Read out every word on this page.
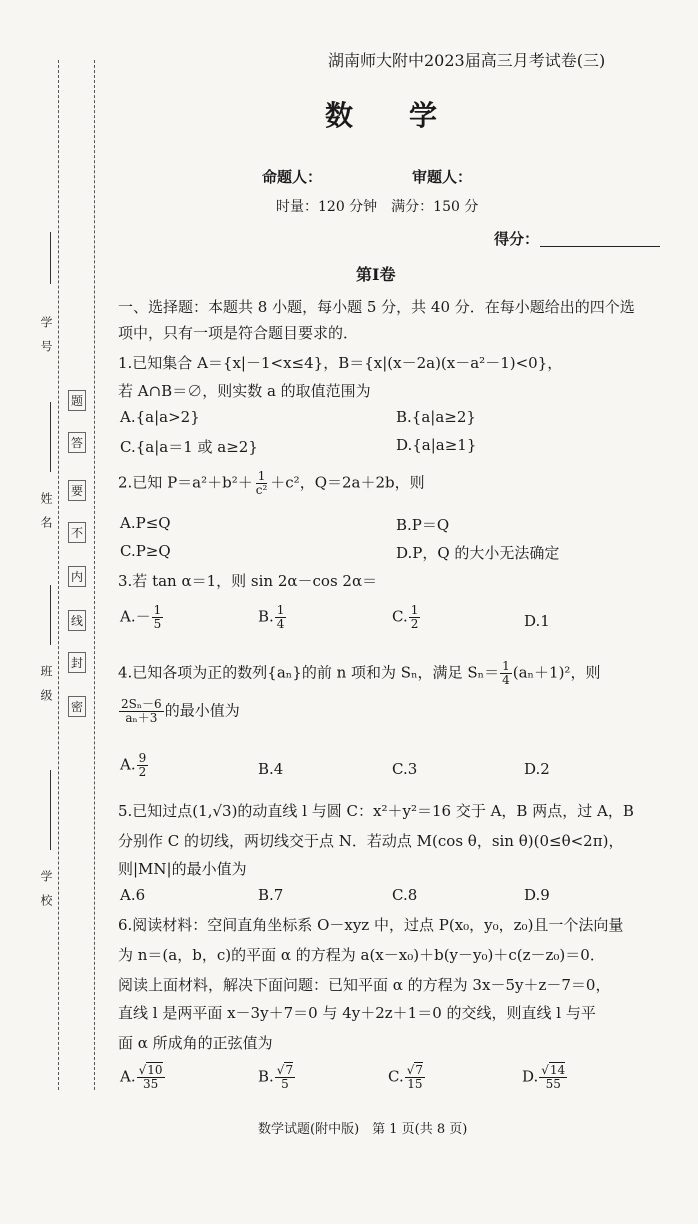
学　号
姓　名
班　级
学　校
题
答
要
不
内
线
封
密
湖南师大附中2023届高三月考试卷(三)
数　　学
命题人：	审题人：
时量：120 分钟　满分：150 分
得分：
第Ⅰ卷
一、选择题：本题共 8 小题，每小题 5 分，共 40 分．在每小题给出的四个选
项中，只有一项是符合题目要求的．
1.已知集合 A＝{x|－1<x≤4}，B＝{x|(x－2a)(x－a²－1)<0}，
若 A∩B＝∅，则实数 a 的取值范围为
A.{a|a>2}	B.{a|a≥2}
C.{a|a＝1 或 a≥2}	D.{a|a≥1}
2.已知 $P=a^2+b^2+ \frac{1}{\text{c²}} +c^2$，Q＝2a＋2b，则
A.P≤Q	B.P＝Q
C.P≥Q	D.P，Q 的大小无法确定
3.若 tan α＝1，则 sin 2α－cos 2α＝
$A.- \frac{1}{5}$	B. $\frac{1}{4}$	C. $\frac{1}{2}$	D.1
4.已知各项为正的数列{aₙ}的前 n 项和为 Sₙ，满足 $S_n= \frac{1}{4} (a_n+1)^2$，则
$\frac{\text{2Sₙ－6}}{\text{aₙ＋3}}$ 的最小值为
A. $\frac{9}{2}$	B.4	C.3	D.2
5.已知过点(1,√3)的动直线 l 与圆 C：x²＋y²＝16 交于 A，B 两点，过 A，B
分别作 C 的切线，两切线交于点 N．若动点 M(cos θ，sin θ)(0≤θ<2π)，
则|MN|的最小值为
A.6	B.7	C.8	D.9
6.阅读材料：空间直角坐标系 O－xyz 中，过点 P(x₀，y₀，z₀)且一个法向量
为 n＝(a，b，c)的平面 α 的方程为 a(x－x₀)＋b(y－y₀)＋c(z－z₀)＝0．
阅读上面材料，解决下面问题：已知平面 α 的方程为 3x－5y＋z－7＝0，
直线 l 是两平面 x－3y＋7＝0 与 4y＋2z＋1＝0 的交线，则直线 l 与平
面 α 所成角的正弦值为
A. $\frac{√10}{35}$	B. $\frac{√7}{5}$	C. $\frac{√7}{15}$	D. $\frac{√14}{55}$
数学试题(附中版)　第 1 页(共 8 页)
